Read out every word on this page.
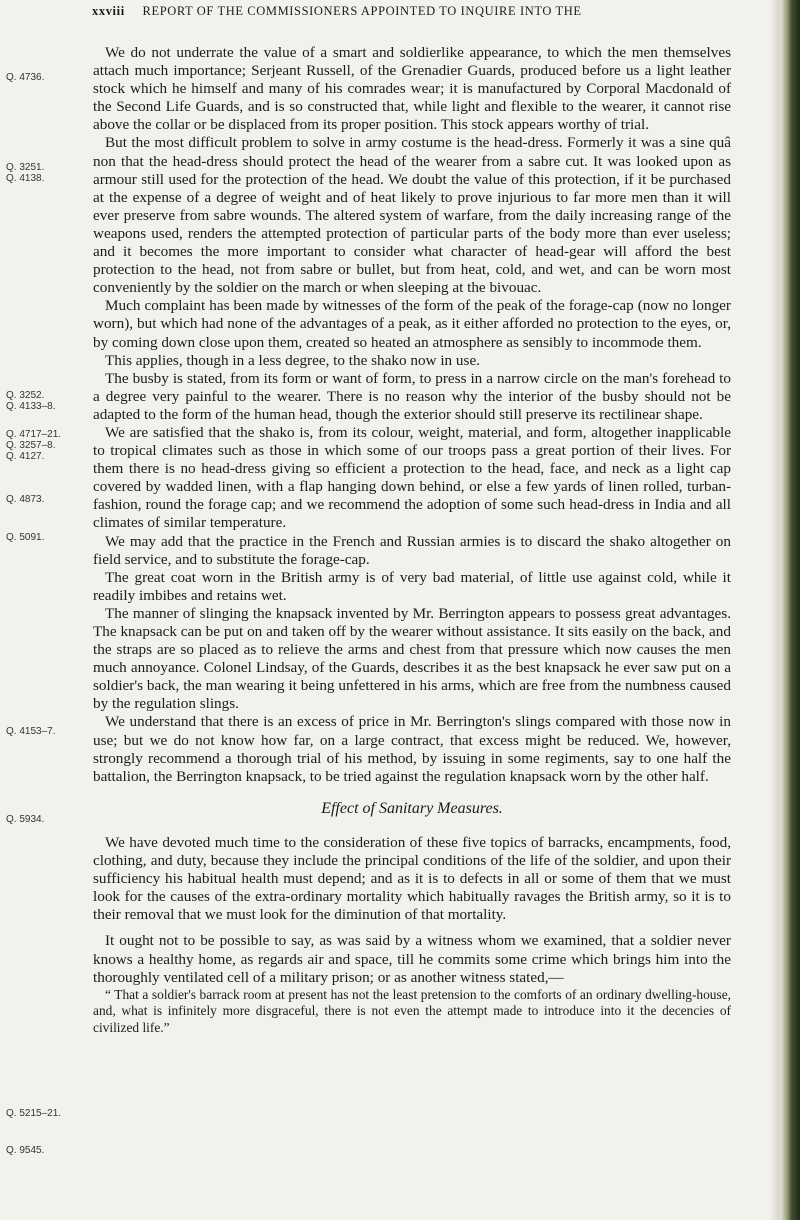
xxviii REPORT OF THE COMMISSIONERS APPOINTED TO INQUIRE INTO THE
Q. 4736.
Q. 3251.
Q. 4138.
Q. 3252.
Q. 4133–8.
Q. 4717–21.
Q. 3257–8.
Q. 4127.
Q. 4873.
Q. 5091.
Q. 4153–7.
Q. 5934.
Q. 5215–21.
Q. 9545.

We do not underrate the value of a smart and soldierlike appearance, to which the men themselves attach much importance; Serjeant Russell, of the Grenadier Guards, produced before us a light leather stock which he himself and many of his comrades wear; it is manufactured by Corporal Macdonald of the Second Life Guards, and is so constructed that, while light and flexible to the wearer, it cannot rise above the collar or be displaced from its proper position. This stock appears worthy of trial.

But the most difficult problem to solve in army costume is the head-dress. Formerly it was a sine quâ non that the head-dress should protect the head of the wearer from a sabre cut. It was looked upon as armour still used for the protection of the head. We doubt the value of this protection, if it be purchased at the expense of a degree of weight and of heat likely to prove injurious to far more men than it will ever preserve from sabre wounds. The altered system of warfare, from the daily increasing range of the weapons used, renders the attempted protection of particular parts of the body more than ever useless; and it becomes the more important to consider what character of head-gear will afford the best protection to the head, not from sabre or bullet, but from heat, cold, and wet, and can be worn most conveniently by the soldier on the march or when sleeping at the bivouac.

Much complaint has been made by witnesses of the form of the peak of the forage-cap (now no longer worn), but which had none of the advantages of a peak, as it either afforded no protection to the eyes, or, by coming down close upon them, created so heated an atmosphere as sensibly to incommode them.

This applies, though in a less degree, to the shako now in use.

The busby is stated, from its form or want of form, to press in a narrow circle on the man's forehead to a degree very painful to the wearer. There is no reason why the interior of the busby should not be adapted to the form of the human head, though the exterior should still preserve its rectilinear shape.

We are satisfied that the shako is, from its colour, weight, material, and form, altogether inapplicable to tropical climates such as those in which some of our troops pass a great portion of their lives. For them there is no head-dress giving so efficient a protection to the head, face, and neck as a light cap covered by wadded linen, with a flap hanging down behind, or else a few yards of linen rolled, turban-fashion, round the forage cap; and we recommend the adoption of some such head-dress in India and all climates of similar temperature.

We may add that the practice in the French and Russian armies is to discard the shako altogether on field service, and to substitute the forage-cap.

The great coat worn in the British army is of very bad material, of little use against cold, while it readily imbibes and retains wet.

The manner of slinging the knapsack invented by Mr. Berrington appears to possess great advantages. The knapsack can be put on and taken off by the wearer without assistance. It sits easily on the back, and the straps are so placed as to relieve the arms and chest from that pressure which now causes the men much annoyance. Colonel Lindsay, of the Guards, describes it as the best knapsack he ever saw put on a soldier's back, the man wearing it being unfettered in his arms, which are free from the numbness caused by the regulation slings.

We understand that there is an excess of price in Mr. Berrington's slings compared with those now in use; but we do not know how far, on a large contract, that excess might be reduced. We, however, strongly recommend a thorough trial of his method, by issuing in some regiments, say to one half the battalion, the Berrington knapsack, to be tried against the regulation knapsack worn by the other half.

Effect of Sanitary Measures.

We have devoted much time to the consideration of these five topics of barracks, encampments, food, clothing, and duty, because they include the principal conditions of the life of the soldier, and upon their sufficiency his habitual health must depend; and as it is to defects in all or some of them that we must look for the causes of the extra-ordinary mortality which habitually ravages the British army, so it is to their removal that we must look for the diminution of that mortality.

It ought not to be possible to say, as was said by a witness whom we examined, that a soldier never knows a healthy home, as regards air and space, till he commits some crime which brings him into the thoroughly ventilated cell of a military prison; or as another witness stated,—

“ That a soldier's barrack room at present has not the least pretension to the comforts of an ordinary dwelling-house, and, what is infinitely more disgraceful, there is not even the attempt made to introduce into it the decencies of civilized life.”
